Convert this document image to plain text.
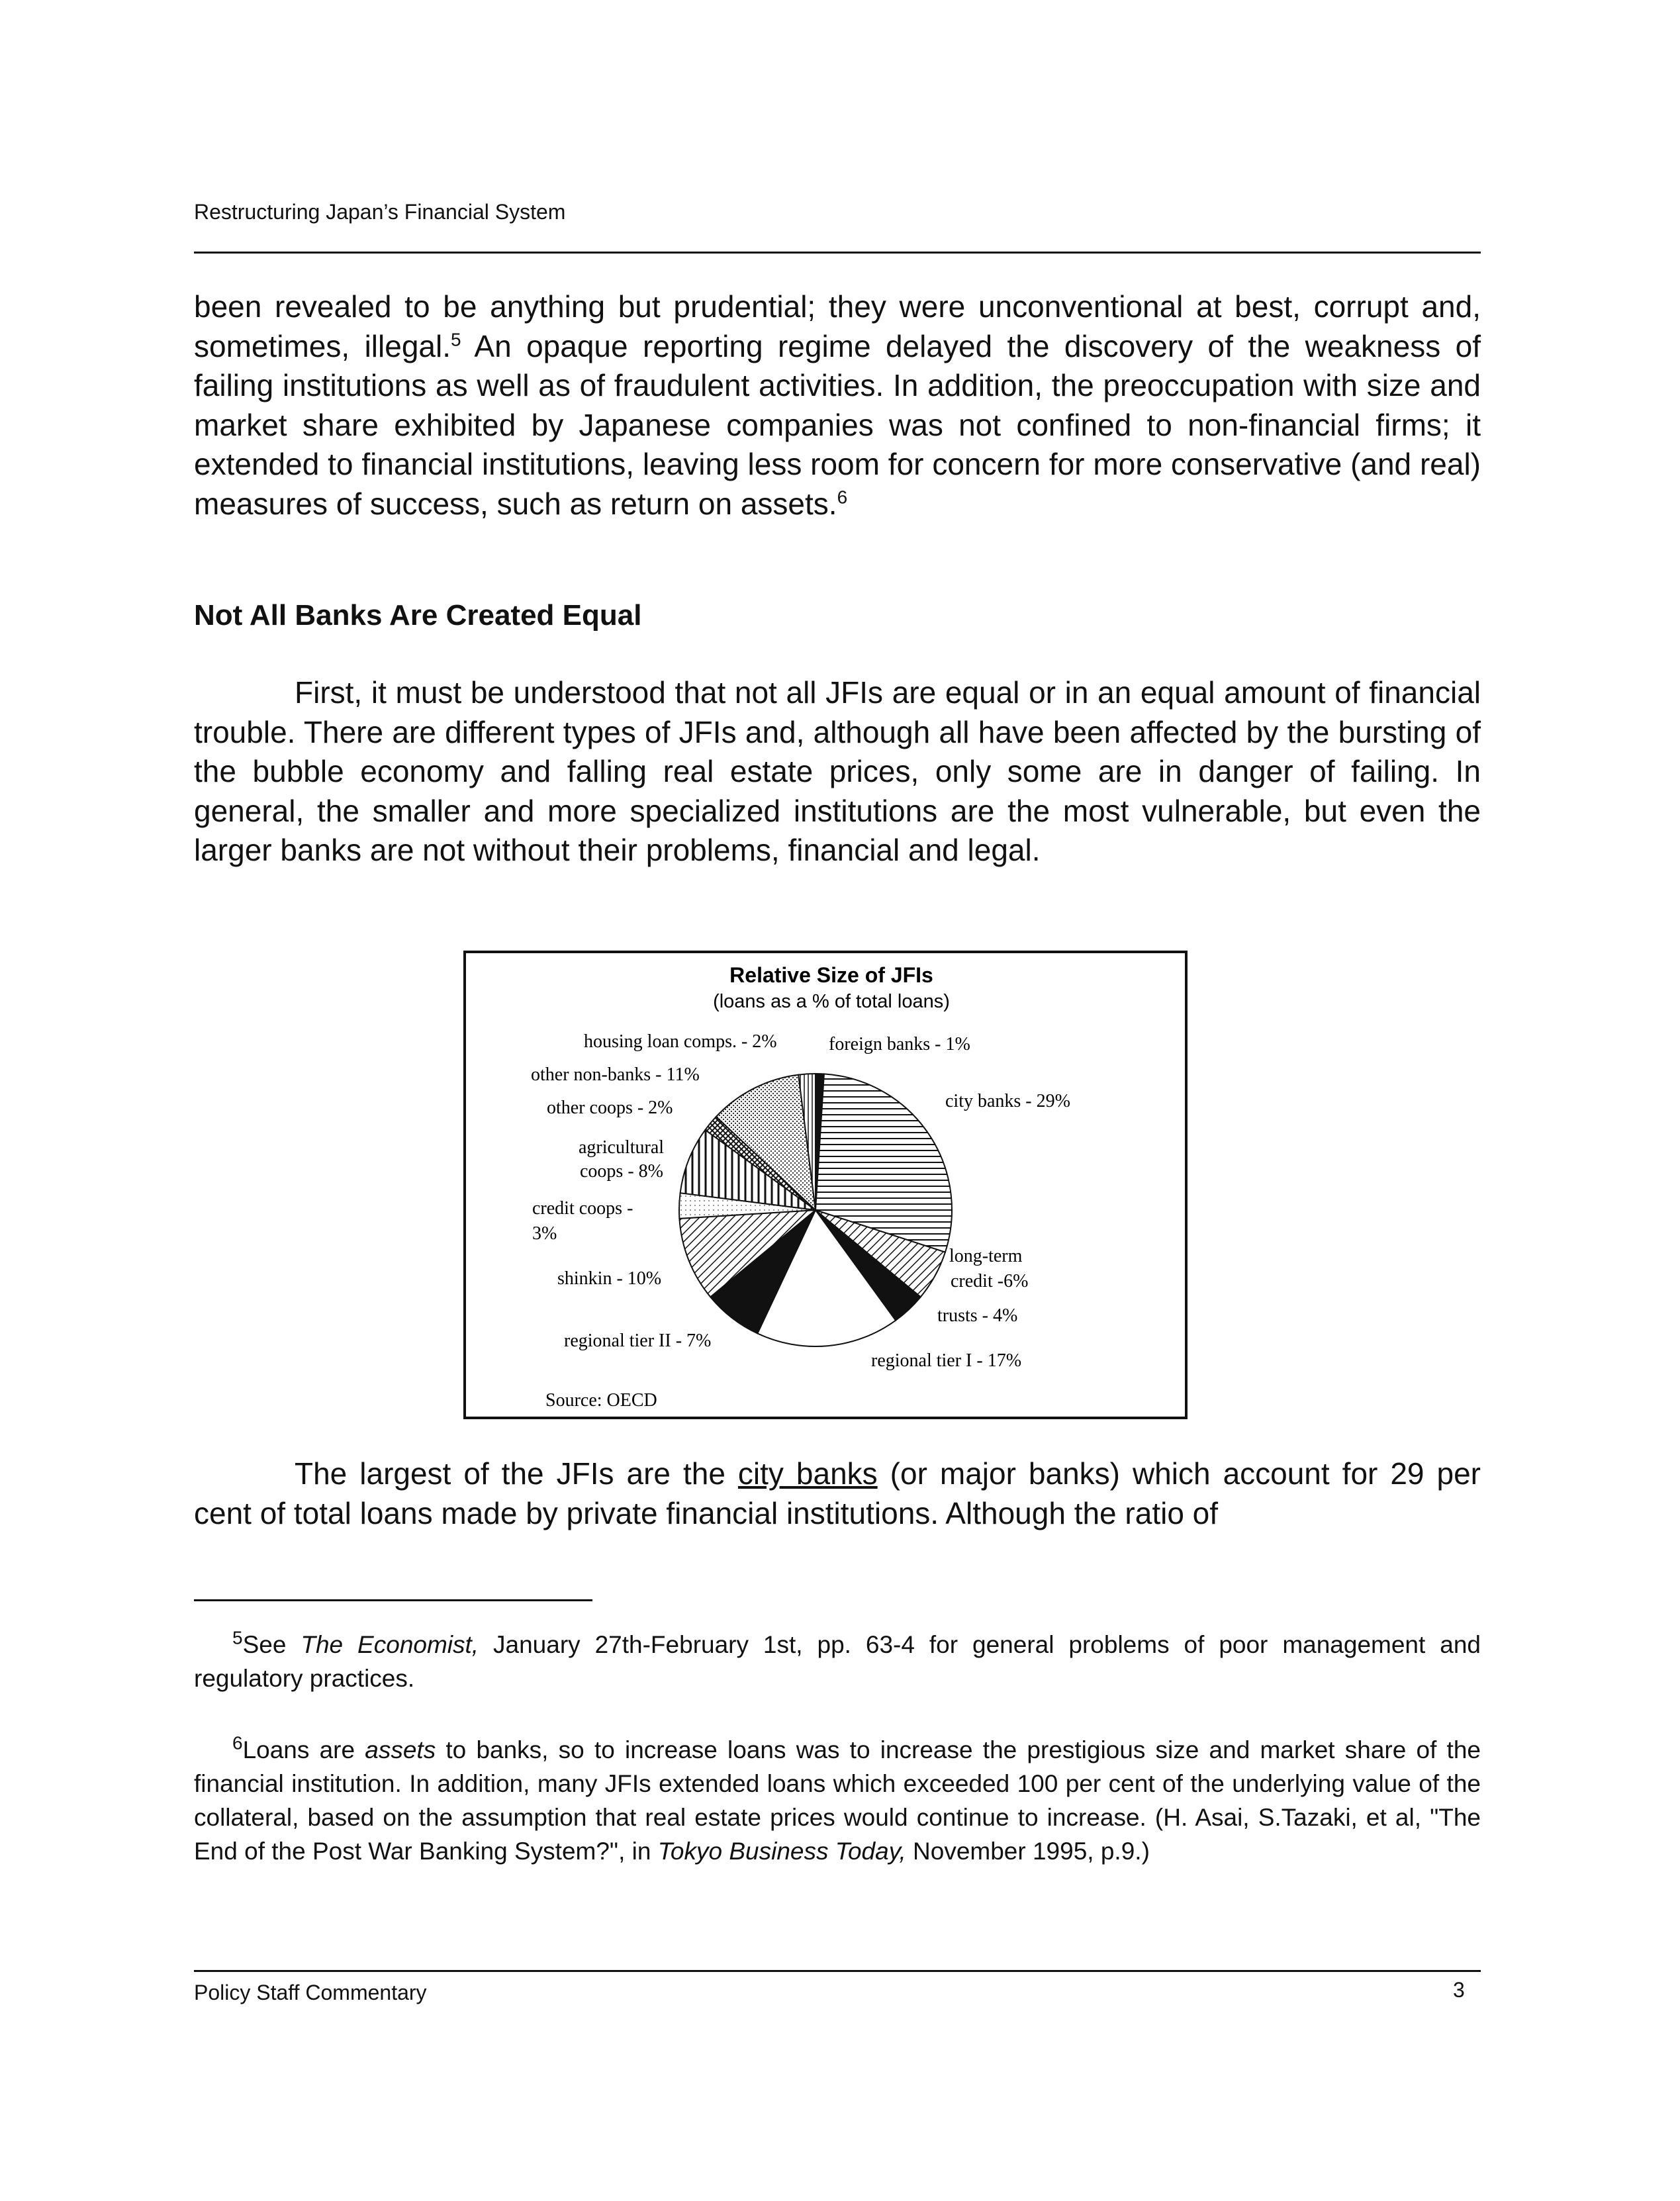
Restructuring Japan’s Financial System
been revealed to be anything but prudential; they were unconventional at best, corrupt and, sometimes, illegal.$^5$ An opaque reporting regime delayed the discovery of the weakness of failing institutions as well as of fraudulent activities. In addition, the preoccupation with size and market share exhibited by Japanese companies was not confined to non-financial firms; it extended to financial institutions, leaving less room for concern for more conservative (and real) measures of success, such as return on assets.$^6$
Not All Banks Are Created Equal
First, it must be understood that not all JFIs are equal or in an equal amount of financial trouble. There are different types of JFIs and, although all have been affected by the bursting of the bubble economy and falling real estate prices, only some are in danger of failing. In general, the smaller and more specialized institutions are the most vulnerable, but even the larger banks are not without their problems, financial and legal.
Relative Size of JFIs
(loans as a % of total loans)
housing loan comps. - 2%	foreign banks - 1%
other non-banks - 11%
other coops - 2%	city banks - 29%
agricultural
coops - 8%
credit coops -
3%
long-term
credit -6%
shinkin - 10%
trusts - 4%
regional tier II - 7%
regional tier I - 17%
Source: OECD
The largest of the JFIs are the city banks (or major banks) which account for 29 per cent of total loans made by private financial institutions. Although the ratio of
$^5$See The Economist, January 27th-February 1st, pp. 63-4 for general problems of poor management and regulatory practices.
$^6$Loans are assets to banks, so to increase loans was to increase the prestigious size and market share of the financial institution. In addition, many JFIs extended loans which exceeded 100 per cent of the underlying value of the collateral, based on the assumption that real estate prices would continue to increase. (H. Asai, S.Tazaki, et al, "The End of the Post War Banking System?", in Tokyo Business Today, November 1995, p.9.)
Policy Staff Commentary	3
